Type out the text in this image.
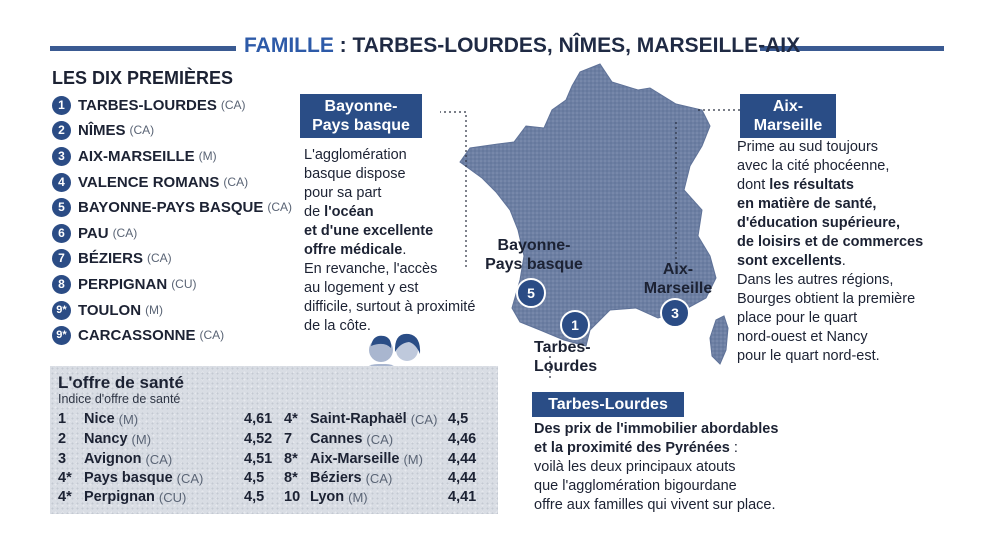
FAMILLE : TARBES-LOURDES, NÎMES, MARSEILLE-AIX
LES DIX PREMIÈRES
1 TARBES-LOURDES (CA)
2 NÎMES (CA)
3 AIX-MARSEILLE (M)
4 VALENCE ROMANS (CA)
5 BAYONNE-PAYS BASQUE (CA)
6 PAU (CA)
7 BÉZIERS (CA)
8 PERPIGNAN (CU)
9* TOULON (M)
9* CARCASSONNE (CA)
Bayonne-
Pays basque
5
Aix-
Marseille
3
1
Tarbes-
Lourdes
Bayonne-
Pays basque
L'agglomération
basque dispose
pour sa part
de l'océan
et d'une excellente
offre médicale.
En revanche, l'accès
au logement y est
difficile, surtout à proximité
de la côte.
Aix-
Marseille
Prime au sud toujours
avec la cité phocéenne,
dont les résultats
en matière de santé,
d'éducation supérieure,
de loisirs et de commerces
sont excellents.
Dans les autres régions,
Bourges obtient la première
place pour le quart
nord-ouest et Nancy
pour le quart nord-est.
Tarbes-Lourdes
Des prix de l'immobilier abordables
et la proximité des Pyrénées :
voilà les deux principaux atouts
que l'agglomération bigourdane
offre aux familles qui vivent sur place.
L'offre de santé
Indice d'offre de santé
1	Nice (M)	4,61
2	Nancy (M)	4,52
3	Avignon (CA)	4,51
4* Pays basque (CA)	4,5
4* Perpignan (CU)	4,5
4* Saint-Raphaël (CA) 4,5
7	Cannes (CA)	4,46
8* Aix-Marseille (M) 4,44
8* Béziers (CA)	4,44
10 Lyon (M)	4,41
